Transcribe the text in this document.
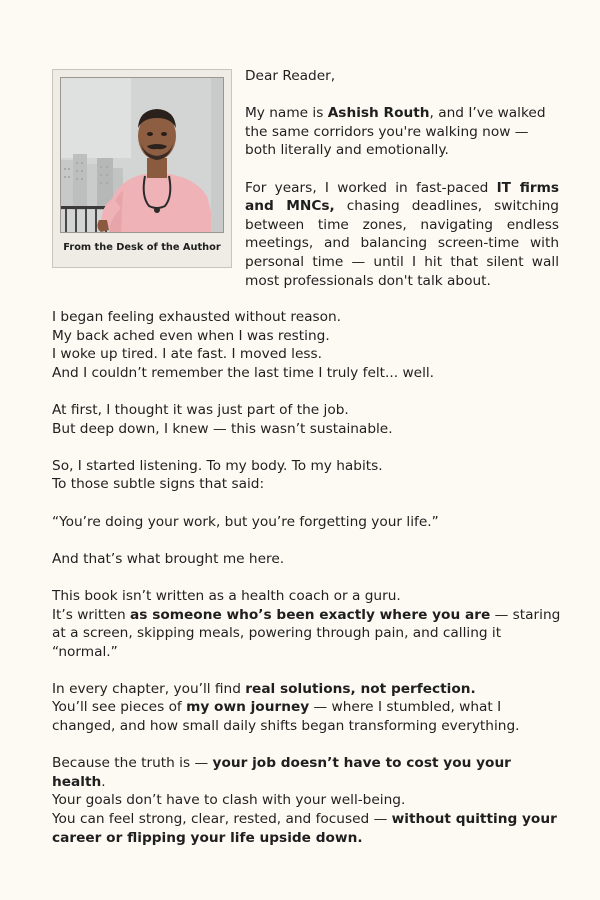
From the Desk of the Author

Dear Reader,

My name is Ashish Routh, and I’ve walked the same corridors you're walking now — both literally and emotionally.

For years, I worked in fast-paced IT firms and MNCs, chasing deadlines, switching between time zones, navigating endless meetings, and balancing screen-time with personal time — until I hit that silent wall most professionals don't talk about.

I began feeling exhausted without reason.
My back ached even when I was resting.
I woke up tired. I ate fast. I moved less.
And I couldn’t remember the last time I truly felt... well.

At first, I thought it was just part of the job.
But deep down, I knew — this wasn’t sustainable.

So, I started listening. To my body. To my habits.
To those subtle signs that said:

“You’re doing your work, but you’re forgetting your life.”

And that’s what brought me here.

This book isn’t written as a health coach or a guru.
It’s written as someone who’s been exactly where you are — staring at a screen, skipping meals, powering through pain, and calling it “normal.”

In every chapter, you’ll find real solutions, not perfection.
You’ll see pieces of my own journey — where I stumbled, what I changed, and how small daily shifts began transforming everything.

Because the truth is — your job doesn’t have to cost you your health.
Your goals don’t have to clash with your well-being.
You can feel strong, clear, rested, and focused — without quitting your career or flipping your life upside down.
